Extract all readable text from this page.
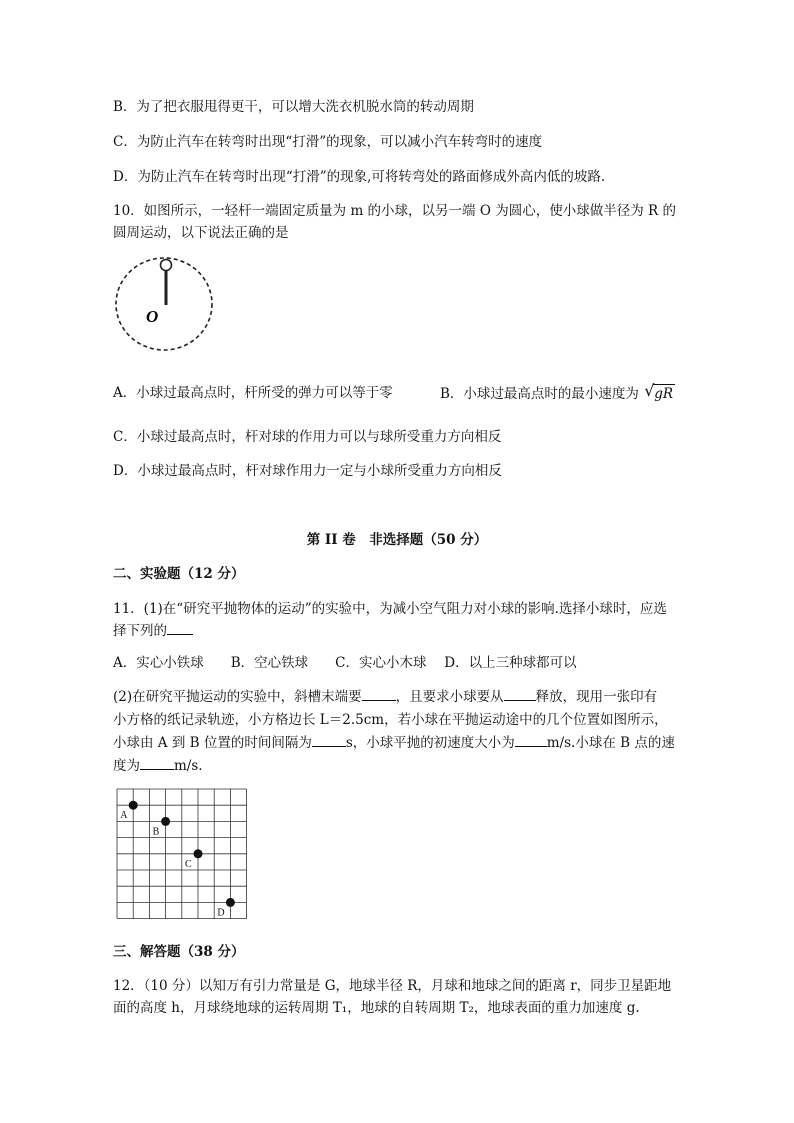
B．为了把衣服甩得更干，可以增大洗衣机脱水筒的转动周期
C．为防止汽车在转弯时出现“打滑”的现象，可以减小汽车转弯时的速度
D．为防止汽车在转弯时出现“打滑”的现象,可将转弯处的路面修成外高内低的坡路.
10．如图所示，一轻杆一端固定质量为 m 的小球，以另一端 O 为圆心，使小球做半径为 R 的
圆周运动，以下说法正确的是
O
A．小球过最高点时，杆所受的弹力可以等于零	B．小球过最高点时的最小速度为 √ gR
C．小球过最高点时，杆对球的作用力可以与球所受重力方向相反
D．小球过最高点时，杆对球作用力一定与小球所受重力方向相反
第 II 卷　非选择题（50 分）
二、实验题（12 分）
11．(1)在“研究平抛物体的运动”的实验中，为减小空气阻力对小球的影响.选择小球时，应选
择下列的
A．实心小铁球　　B．空心铁球　　C．实心小木球　 D．以上三种球都可以
(2)在研究平抛运动的实验中，斜槽末端要	，且要求小球要从 释放，现用一张印有
小方格的纸记录轨迹，小方格边长 L＝2.5cm，若小球在平抛运动途中的几个位置如图所示，
小球由 A 到 B 位置的时间间隔为	s，小球平抛的初速度大小为 m/s.小球在 B 点的速
度为	m/s.
A
B
C
D
三、解答题（38 分）
12．（10 分）以知万有引力常量是 G，地球半径 R，月球和地球之间的距离 r，同步卫星距地
面的高度 h，月球绕地球的运转周期 T₁，地球的自转周期 T₂，地球表面的重力加速度 g.
